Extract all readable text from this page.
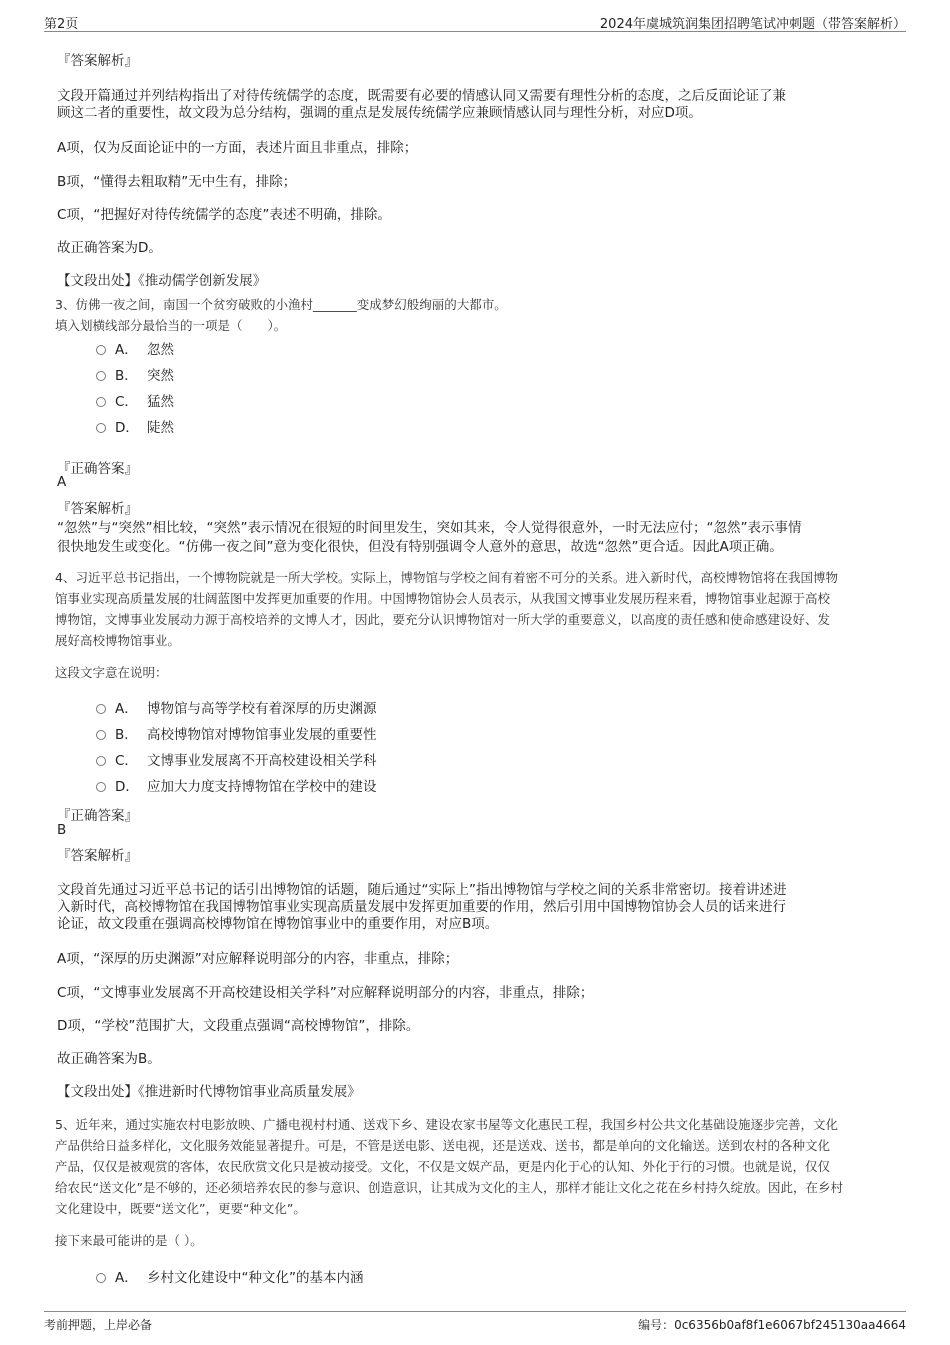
第2页	2024年虞城筑润集团招聘笔试冲刺题（带答案解析）
『答案解析』
文段开篇通过并列结构指出了对待传统儒学的态度，既需要有必要的情感认同又需要有理性分析的态度，之后反面论证了兼
顾这二者的重要性，故文段为总分结构，强调的重点是发展传统儒学应兼顾情感认同与理性分析，对应D项。
A项，仅为反面论证中的一方面，表述片面且非重点，排除；
B项，“懂得去粗取精”无中生有，排除；
C项，“把握好对待传统儒学的态度”表述不明确，排除。
故正确答案为D。
【文段出处】《推动儒学创新发展》
3、仿佛一夜之间，南国一个贫穷破败的小渔村_______变成梦幻般绚丽的大都市。
填入划横线部分最恰当的一项是（　　）。
A． 忽然
B． 突然
C． 猛然
D． 陡然
『正确答案』
A
『答案解析』
“忽然”与“突然”相比较，“突然”表示情况在很短的时间里发生，突如其来，令人觉得很意外，一时无法应付；“忽然”表示事情
很快地发生或变化。“仿佛一夜之间”意为变化很快，但没有特别强调令人意外的意思，故选“忽然”更合适。因此A项正确。
4、习近平总书记指出，一个博物院就是一所大学校。实际上，博物馆与学校之间有着密不可分的关系。进入新时代，高校博物馆将在我国博物
馆事业实现高质量发展的壮阔蓝图中发挥更加重要的作用。中国博物馆协会人员表示，从我国文博事业发展历程来看，博物馆事业起源于高校
博物馆，文博事业发展动力源于高校培养的文博人才，因此，要充分认识博物馆对一所大学的重要意义，以高度的责任感和使命感建设好、发
展好高校博物馆事业。
这段文字意在说明：
A． 博物馆与高等学校有着深厚的历史渊源
B． 高校博物馆对博物馆事业发展的重要性
C． 文博事业发展离不开高校建设相关学科
D． 应加大力度支持博物馆在学校中的建设
『正确答案』
B
『答案解析』
文段首先通过习近平总书记的话引出博物馆的话题，随后通过“实际上”指出博物馆与学校之间的关系非常密切。接着讲述进
入新时代，高校博物馆在我国博物馆事业实现高质量发展中发挥更加重要的作用，然后引用中国博物馆协会人员的话来进行
论证，故文段重在强调高校博物馆在博物馆事业中的重要作用，对应B项。
A项，“深厚的历史渊源”对应解释说明部分的内容，非重点，排除；
C项，“文博事业发展离不开高校建设相关学科”对应解释说明部分的内容，非重点，排除；
D项，“学校”范围扩大，文段重点强调“高校博物馆”，排除。
故正确答案为B。
【文段出处】《推进新时代博物馆事业高质量发展》
5、近年来，通过实施农村电影放映、广播电视村村通、送戏下乡、建设农家书屋等文化惠民工程，我国乡村公共文化基础设施逐步完善，文化
产品供给日益多样化，文化服务效能显著提升。可是，不管是送电影、送电视，还是送戏、送书，都是单向的文化输送。送到农村的各种文化
产品，仅仅是被观赏的客体，农民欣赏文化只是被动接受。文化，不仅是文娱产品，更是内化于心的认知、外化于行的习惯。也就是说，仅仅
给农民“送文化”是不够的，还必须培养农民的参与意识、创造意识，让其成为文化的主人，那样才能让文化之花在乡村持久绽放。因此，在乡村
文化建设中，既要“送文化”，更要“种文化”。
接下来最可能讲的是（ ）。
A． 乡村文化建设中“种文化”的基本内涵
考前押题，上岸必备	编号：0c6356b0af8f1e6067bf245130aa4664
